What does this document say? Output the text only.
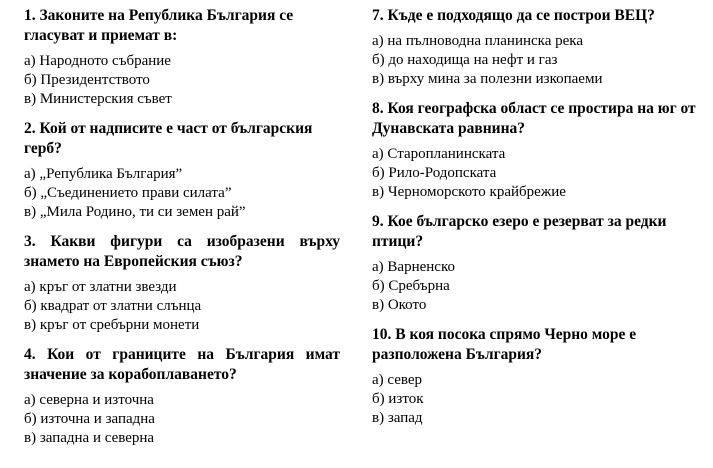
1. Законите на Република България се гласуват и приемат в:
а) Народното събрание
б) Президентството
в) Министерския съвет
2. Кой от надписите е част от българския герб?
а) „Република България”
б) „Съединението прави силата”
в) „Мила Родино, ти си земен рай”
3. Какви фигури са изобразени върху знамето на Европейския съюз?
а) кръг от златни звезди
б) квадрат от златни слънца
в) кръг от сребърни монети
4. Кои от границите на България имат значение за корабоплаването?
а) северна и източна
б) източна и западна
в) западна и северна
7. Къде е подходящо да се построи ВЕЦ?
а) на пълноводна планинска река
б) до находища на нефт и газ
в) върху мина за полезни изкопаеми
8. Коя географска област се простира на юг от Дунавската равнина?
а) Старопланинската
б) Рило-Родопската
в) Черноморското крайбрежие
9. Кое българско езеро е резерват за редки птици?
а) Варненско
б) Сребърна
в) Окото
10. В коя посока спрямо Черно море е разположена България?
а) север
б) изток
в) запад
